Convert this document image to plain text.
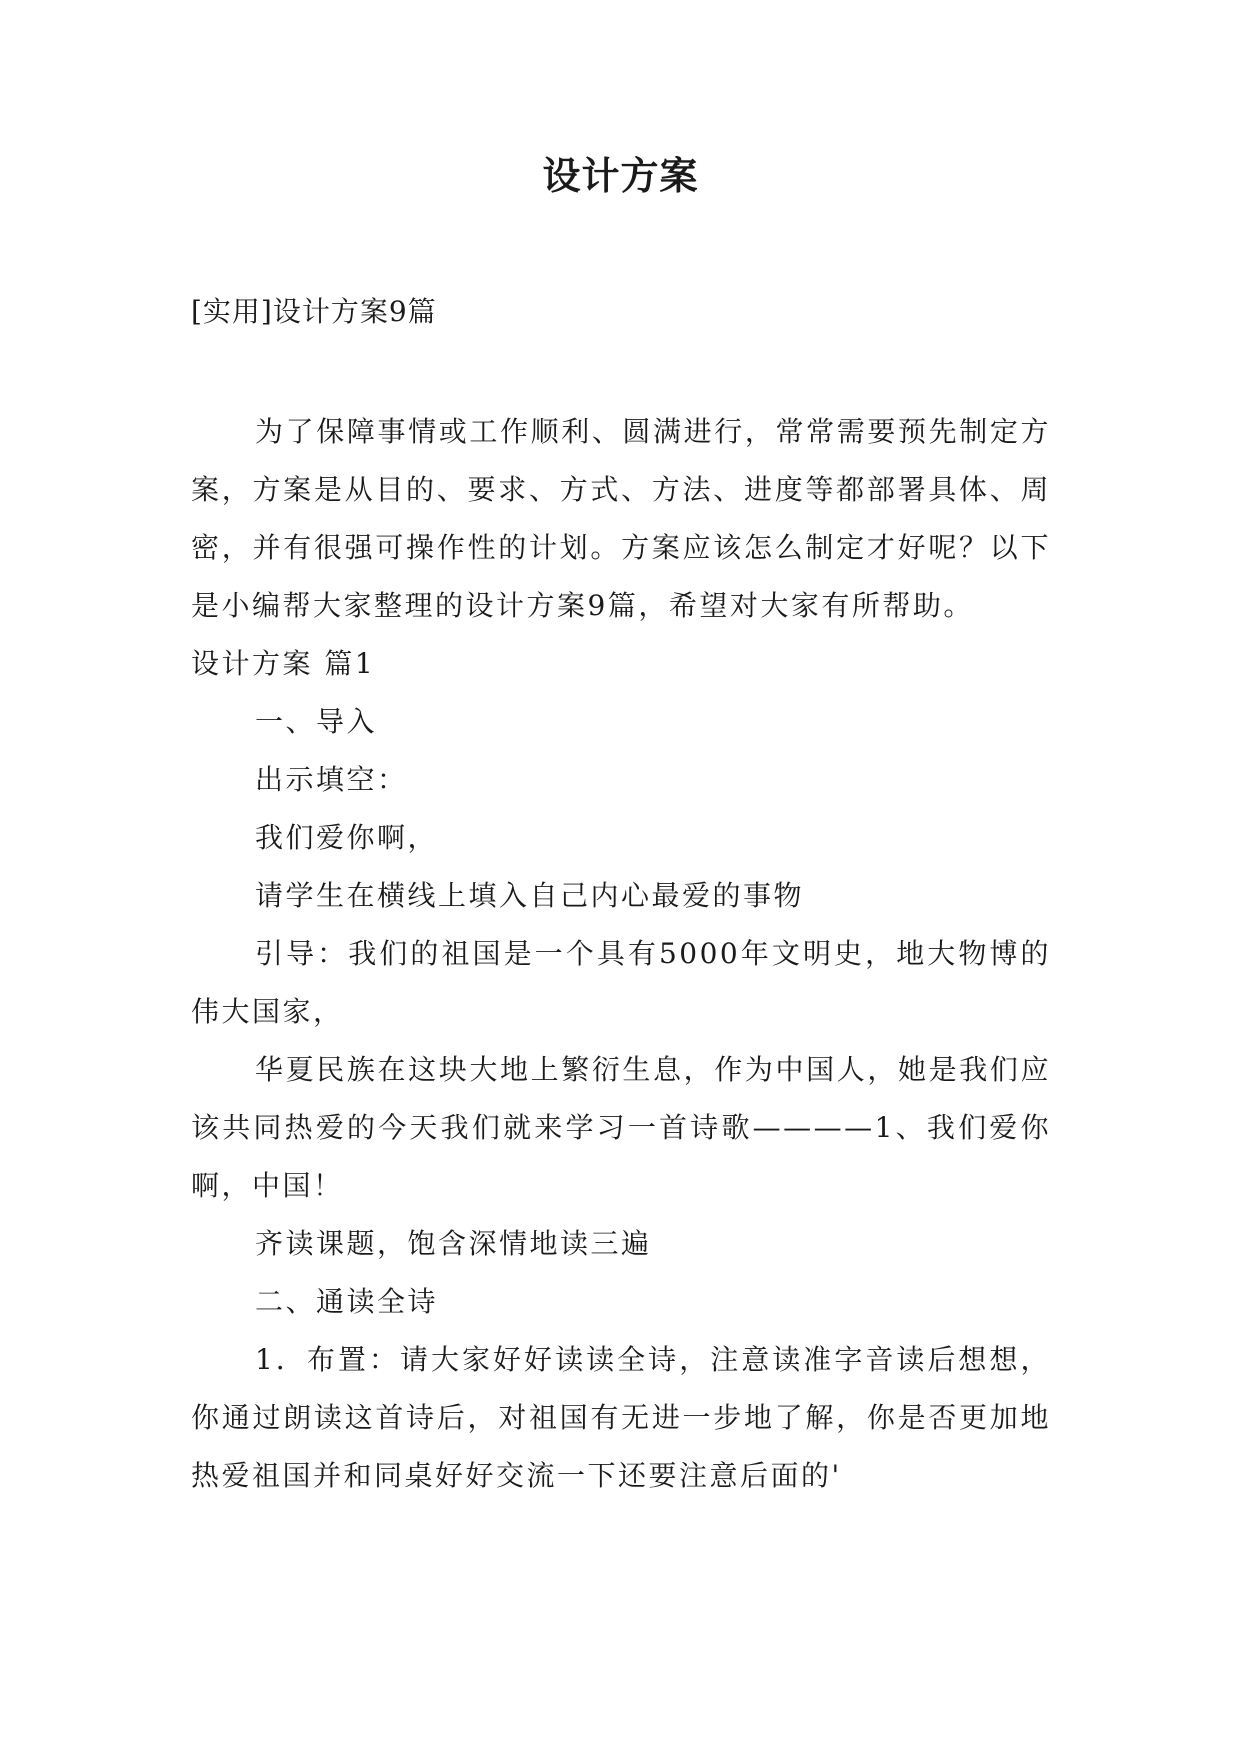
设计方案
[实用]设计方案9篇

为了保障事情或工作顺利、圆满进行，常常需要预先制定方案，方案是从目的、要求、方式、方法、进度等都部署具体、周密，并有很强可操作性的计划。方案应该怎么制定才好呢？以下是小编帮大家整理的设计方案9篇，希望对大家有所帮助。

设计方案 篇1

一、导入

出示填空：

我们爱你啊，

请学生在横线上填入自己内心最爱的事物

引导：我们的祖国是一个具有5000年文明史，地大物博的伟大国家，

华夏民族在这块大地上繁衍生息，作为中国人，她是我们应该共同热爱的今天我们就来学习一首诗歌————1、我们爱你啊，中国！

齐读课题，饱含深情地读三遍

二、通读全诗

1．布置：请大家好好读读全诗，注意读准字音读后想想，你通过朗读这首诗后，对祖国有无进一步地了解，你是否更加地热爱祖国并和同桌好好交流一下还要注意后面的'
